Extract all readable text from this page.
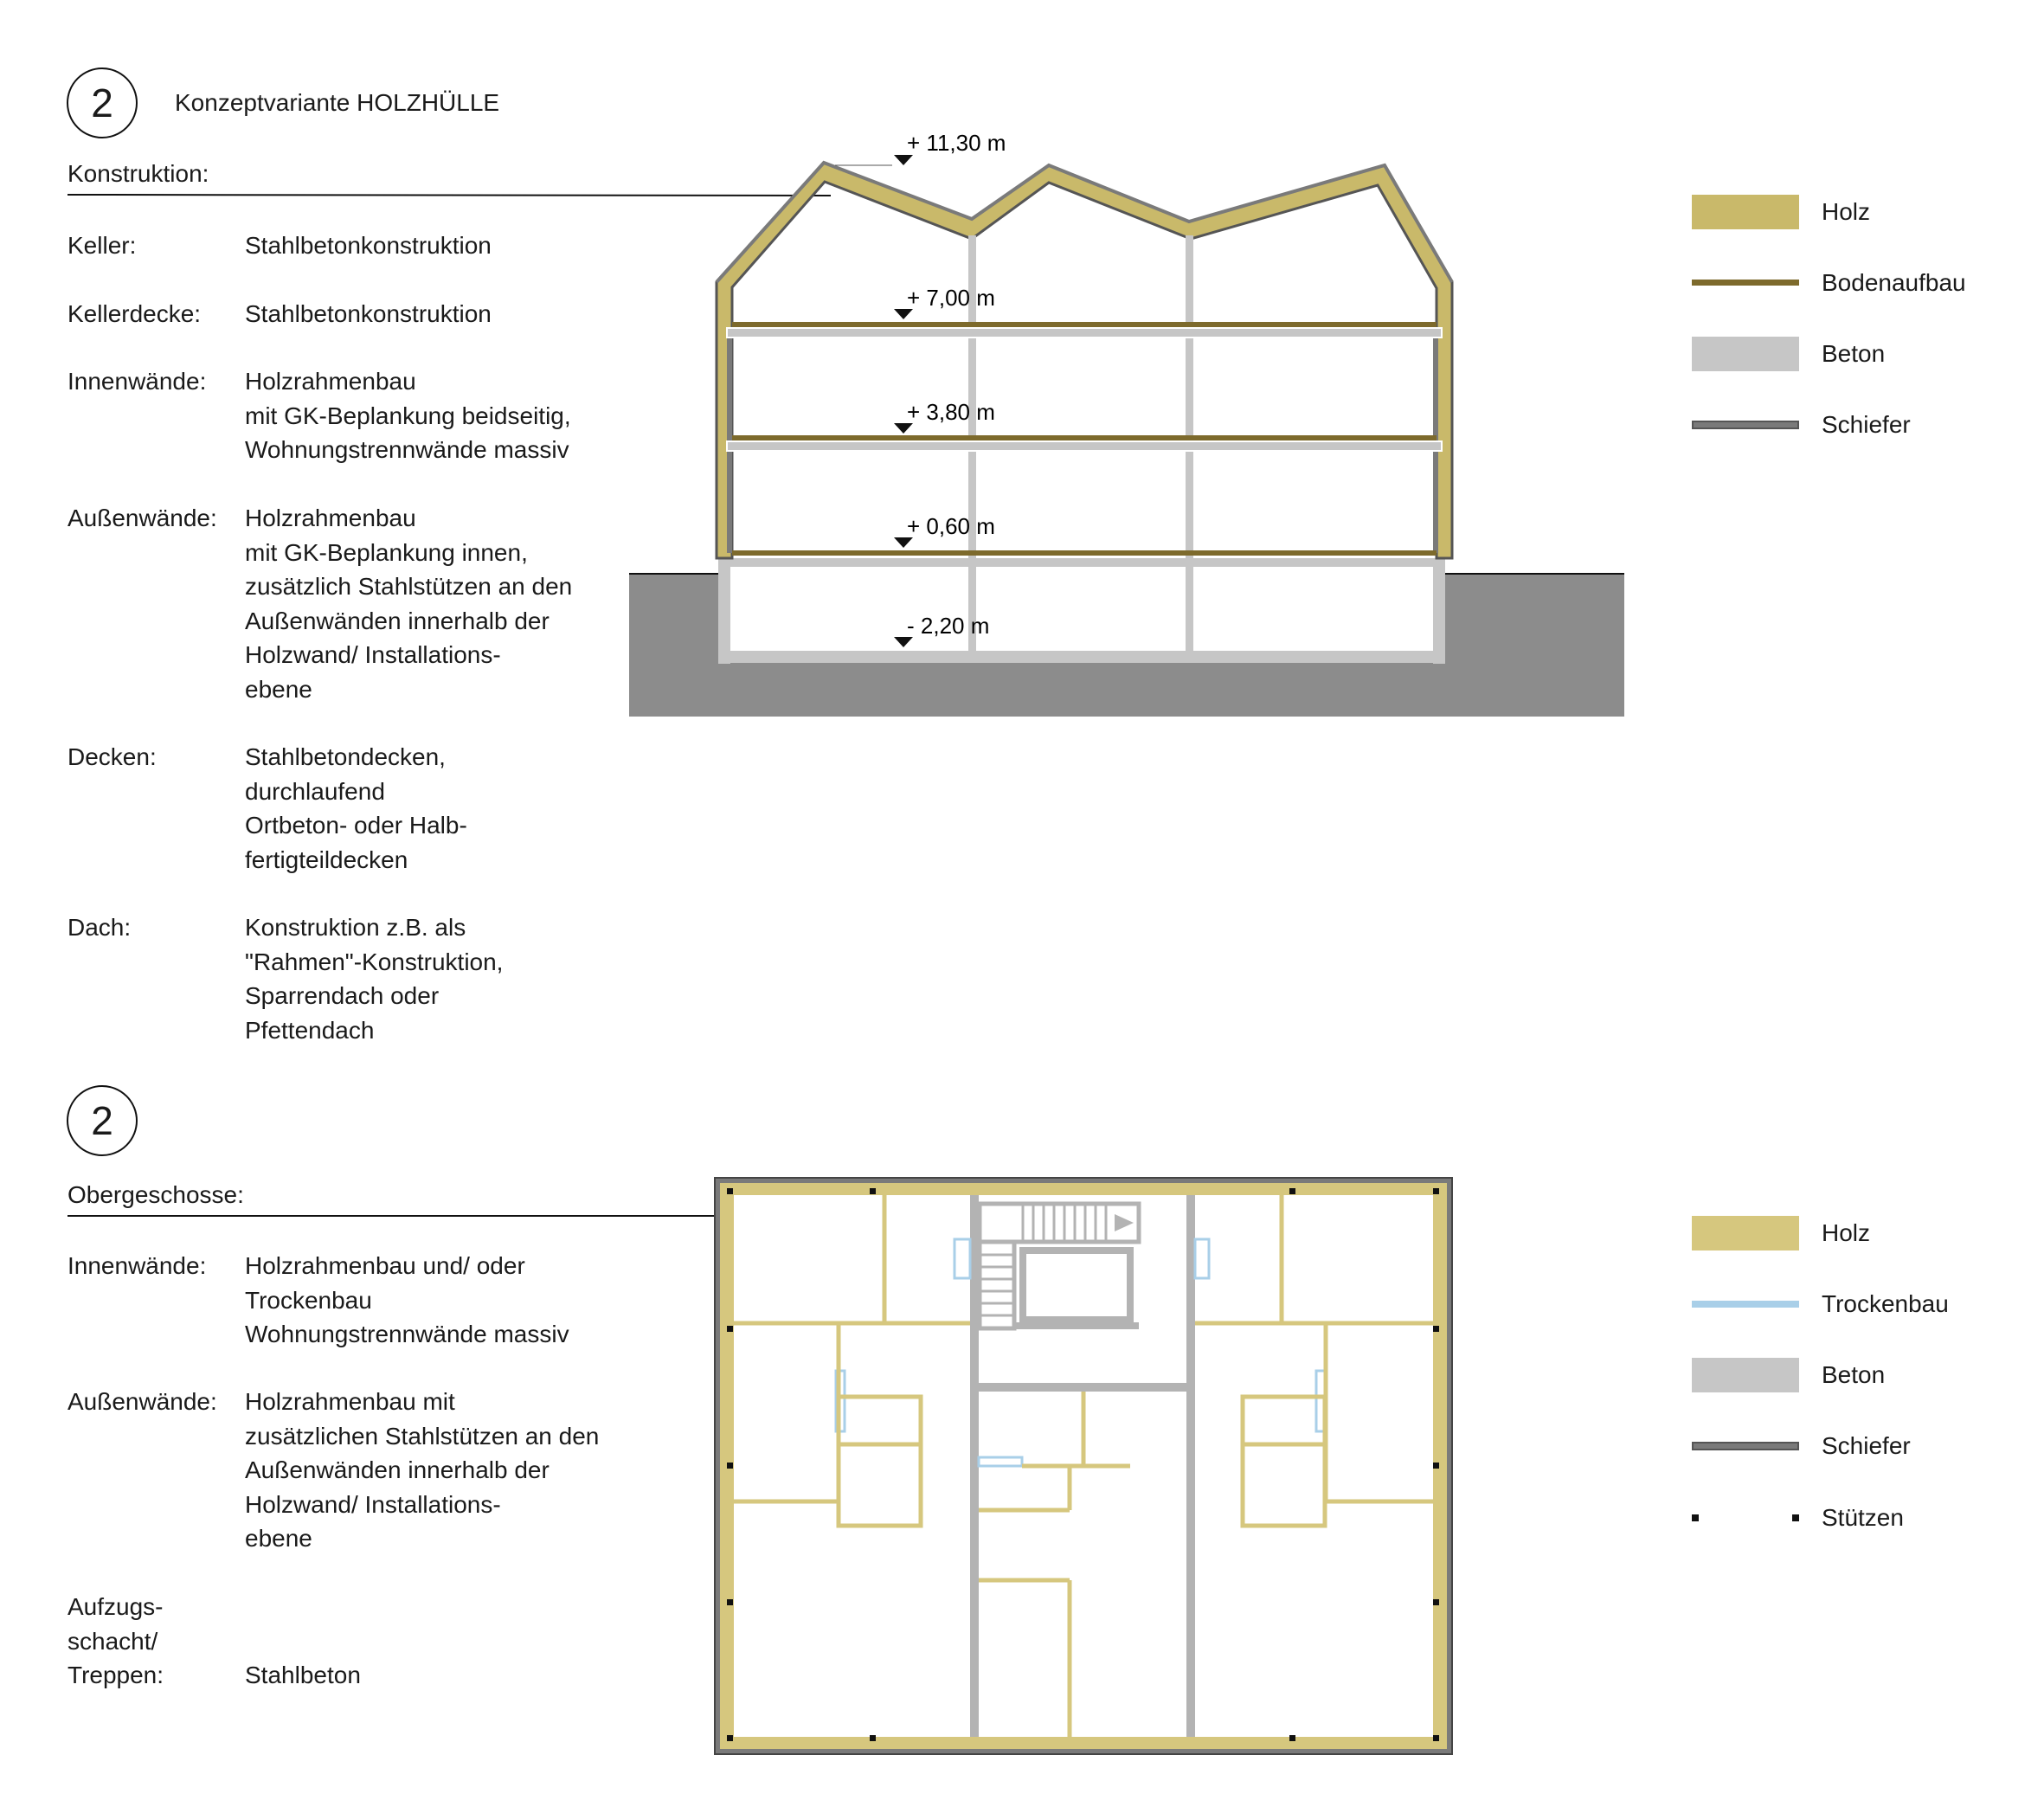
2	Konzeptvariante HOLZHÜLLE
Konstruktion:
Keller:	Stahlbetonkonstruktion
Kellerdecke: Stahlbetonkonstruktion
Innenwände: Holzrahmenbau
mit GK-Beplankung beidseitig,
Wohnungstrennwände massiv
Außenwände: Holzrahmenbau
mit GK-Beplankung innen,
zusätzlich Stahlstützen an den
Außenwänden innerhalb der
Holzwand/ Installations-
ebene
Decken:	Stahlbetondecken,
durchlaufend
Ortbeton- oder Halb-
fertigteildecken
Dach:	Konstruktion z.B. als
"Rahmen"-Konstruktion,
Sparrendach oder
Pfettendach
+ 11,30 m
+ 7,00 m
+ 3,80 m
+ 0,60 m
- 2,20 m
Holz
Bodenaufbau
Beton
Schiefer
2
Obergeschosse:
Innenwände: Holzrahmenbau und/ oder
Trockenbau
Wohnungstrennwände massiv
Außenwände: Holzrahmenbau mit
zusätzlichen Stahlstützen an den
Außenwänden innerhalb der
Holzwand/ Installations-
ebene
Aufzugs-
schacht/
Treppen:	Stahlbeton
Holz
Trockenbau
Beton
Schiefer
Stützen
